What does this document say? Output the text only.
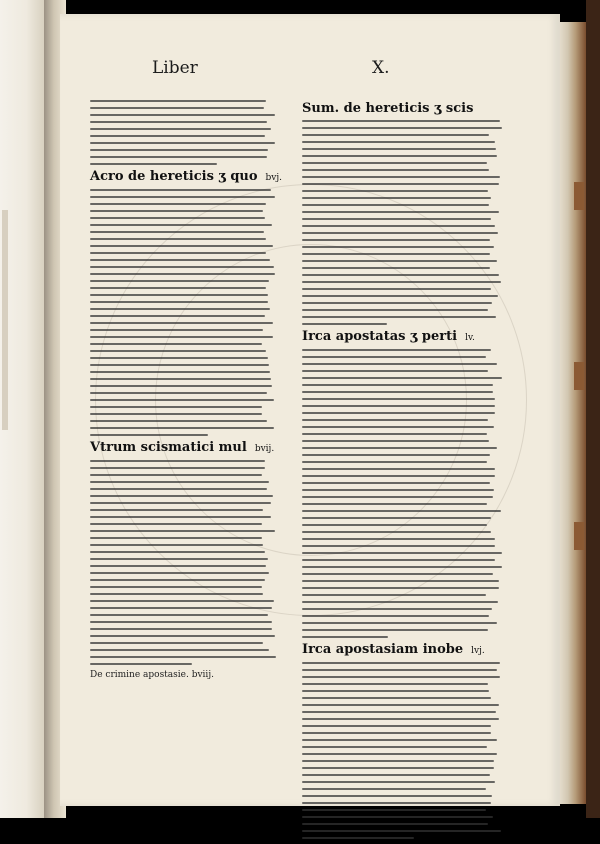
Liber	X.
Acro de hereticis ʒ quo bvj.
Vtrum scismatici mul bvij.
De crimine apostasie. bviij.
Sum. de hereticis ʒ scis
Irca apostatas ʒ perti lv.
Irca apostasiam inobe lvj.
